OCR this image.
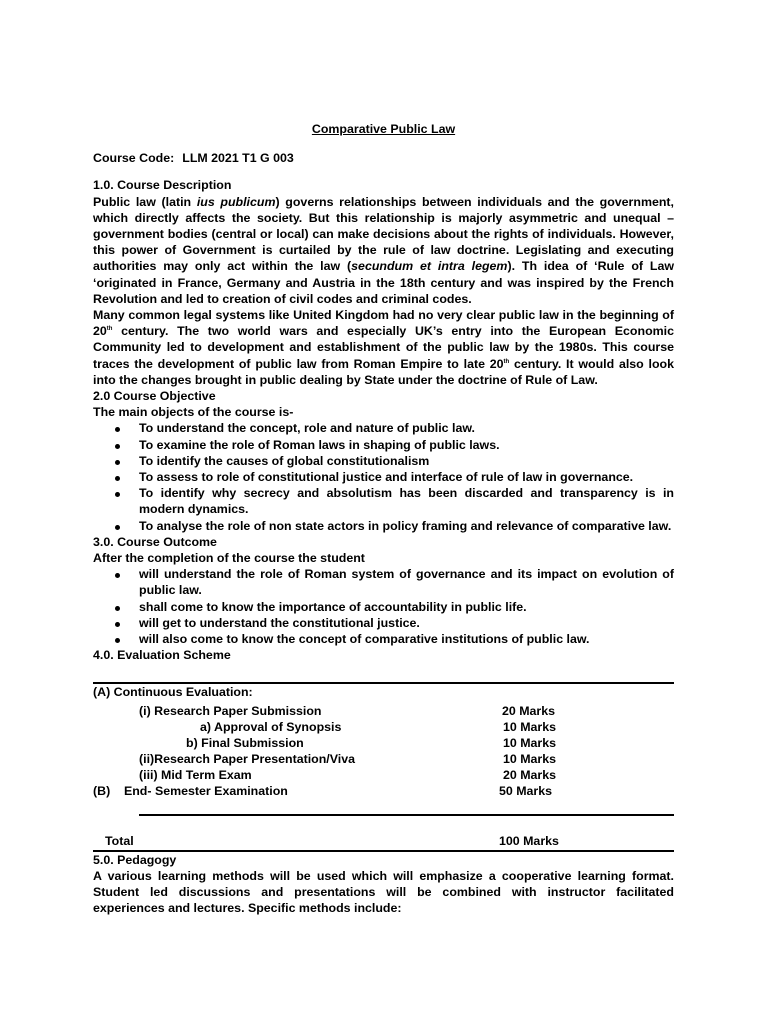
Comparative Public Law
Course Code: LLM 2021 T1 G 003
1.0. Course Description

Public law (latin ius publicum) governs relationships between individuals and the government, which directly affects the society. But this relationship is majorly asymmetric and unequal – government bodies (central or local) can make decisions about the rights of individuals. However, this power of Government is curtailed by the rule of law doctrine. Legislating and executing authorities may only act within the law (secundum et intra legem). Th idea of ‘Rule of Law ‘originated in France, Germany and Austria in the 18th century and was inspired by the French Revolution and led to creation of civil codes and criminal codes.

Many common legal systems like United Kingdom had no very clear public law in the beginning of 20th century. The two world wars and especially UK’s entry into the European Economic Community led to development and establishment of the public law by the 1980s. This course traces the development of public law from Roman Empire to late 20th century. It would also look into the changes brought in public dealing by State under the doctrine of Rule of Law.

2.0 Course Objective

The main objects of the course is-

To understand the concept, role and nature of public law.
To examine the role of Roman laws in shaping of public laws.
To identify the causes of global constitutionalism
To assess to role of constitutional justice and interface of rule of law in governance.
To identify why secrecy and absolutism has been discarded and transparency is in modern dynamics.
To analyse the role of non state actors in policy framing and relevance of comparative law.
3.0. Course Outcome

After the completion of the course the student

will understand the role of Roman system of governance and its impact on evolution of public law.
shall come to know the importance of accountability in public life.
will get to understand the constitutional justice.
will also come to know the concept of comparative institutions of public law.
4.0. Evaluation Scheme
(A) Continuous Evaluation:
(i) Research Paper Submission	20 Marks
a) Approval of Synopsis	10 Marks
b) Final Submission	10 Marks
(ii)Research Paper Presentation/Viva	10 Marks
(iii) Mid Term Exam	20 Marks
(B)    End- Semester Examination	50 Marks
Total	100 Marks
5.0. Pedagogy

A various learning methods will be used which will emphasize a cooperative learning format. Student led discussions and presentations will be combined with instructor facilitated experiences and lectures. Specific methods include:
